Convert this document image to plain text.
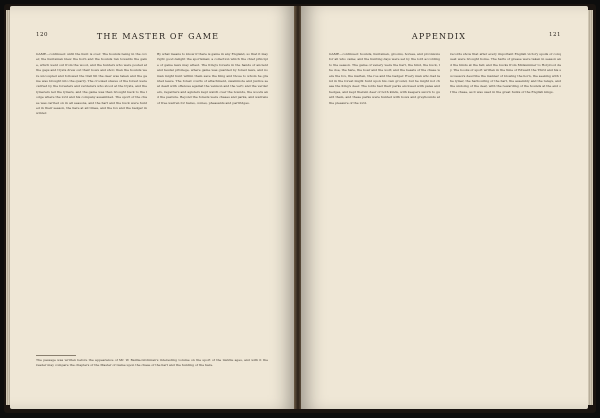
120	THE MASTER OF GAME

GAME—continued: until the hunt is over. The hounds being in the cover, the huntsman blew the horn and the hounds ran towards the game, which went out from the wood, and the hunters who were posted at the gaps and trysts drew out their bows and shot; then the hounds were uncoupled and followed the trail till the deer was taken and the game was brought into the quarry. The crooked staves of the forest were carried by the foresters and verderers who stood at the trysts, and the lymerers led the lymers, and the game was then brought back to the lodge where the lord and his company assembled. The sport of the chase was carried on in all seasons, and the hart and the buck were hunted in their season, the hare at all times, and the fox and the badger in winter.

By what means to know if there is game in any England, so that it may right good delight the sportsman; a collection which the chief principle of game laws may attest. The King's forests in the hands of ancient and feudal privilege, where game was guarded by forest laws, and no man might hunt within them save the King and those to whom he granted leave. The forest courts of attachment, swainmote and justice seat dealt with offences against the venison and the vert; and the verderers, regarders and agisters kept watch over the bounds, the woods and the pasture. Beyond the forests were chases and parks, and warrens of free warren for hares, conies, pheasants and partridges.

The passage was written before the appearance of Mr. W. Baillie-Grohman's interesting volume on the sport of the middle ages, and with it the reader may compare the chapters of the Master of Game upon the chase of the hart and the hunting of the hare.
APPENDIX	121

GAME—continued: hounds, huntsmen, grooms, horses, and provisions for all who came; and the hunting days were set by the lord according to the season. The game of venery were the hart, the hind, the buck, the doe, the hare, the boar and the wolf; and the beasts of the chase were the fox, the marten, the roe and the badger. Every man who had land in the forest might hunt upon his own ground, but he might not chase the King's deer. The lords had their parks enclosed with pales and hedges, and kept therein deer of both kinds, with keepers sworn to guard them, and these parks were hunted with bows and greyhounds at the pleasure of the lord.

records show that after every important English victory spoils of conquest were brought home. The harts of grease were taken in season and the hinds at the fall; and the bucks from Midsummer to Holyrood day. The books of sport written in the time of Edward the Third and his successors describe the manner of blowing the horn, the seeking with the lymer, the harbouring of the hart, the assembly and the relays, and the undoing of the deer, with the rewarding of the hounds at the end of the chase, as it was used in the great hunts of the English kings.
